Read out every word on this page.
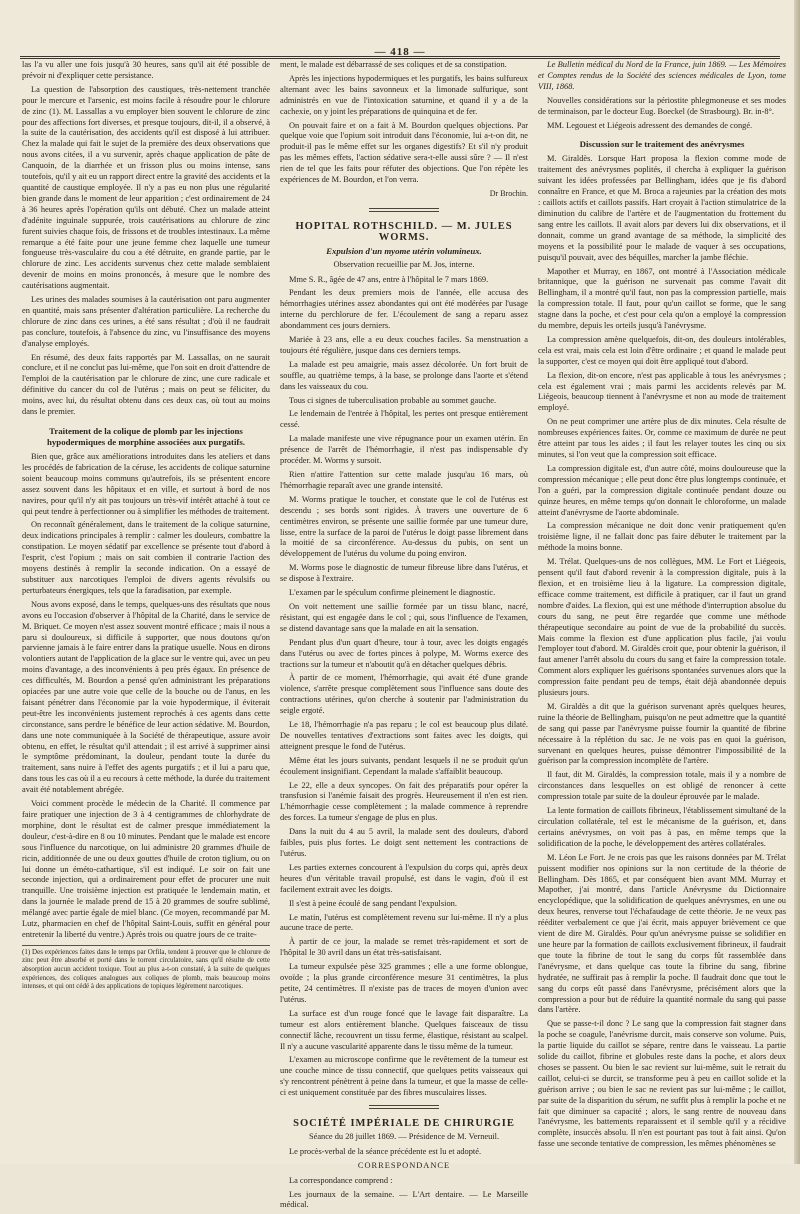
— 418 —

las l'a vu aller une fois jusqu'à 30 heures, sans qu'il ait été possible de prévoir ni d'expliquer cette persistance.

La question de l'absorption des caustiques, très-nettement tranchée pour le mercure et l'arsenic, est moins facile à résoudre pour le chlorure de zinc (1). M. Lassallas a vu employer bien souvent le chlorure de zinc pour des affections fort diverses, et presque toujours, dit-il, il a observé, à la suite de la cautérisation, des accidents qu'il est disposé à lui attribuer. Chez la malade qui fait le sujet de la première des deux observations que nous avons citées, il a vu survenir, après chaque application de pâte de Canquoin, de la diarrhée et un frisson plus ou moins intense, sans toutefois, qu'il y ait eu un rapport direct entre la gravité des accidents et la quantité de caustique employée. Il n'y a pas eu non plus une régularité bien grande dans le moment de leur apparition ; c'est ordinairement de 24 à 36 heures après l'opération qu'ils ont débuté. Chez un malade atteint d'adénite inguinale suppurée, trois cautérisations au chlorure de zinc furent suivies chaque fois, de frissons et de troubles intestinaux. La même remarque a été faite pour une jeune femme chez laquelle une tumeur fongueuse très-vasculaire du cou a été détruite, en grande partie, par le chlorure de zinc. Les accidents survenus chez cette malade semblaient devenir de moins en moins prononcés, à mesure que le nombre des cautérisations augmentait.

Les urines des malades soumises à la cautérisation ont paru augmenter en quantité, mais sans présenter d'altération particulière. La recherche du chlorure de zinc dans ces urines, a été sans résultat ; d'où il ne faudrait pas conclure, toutefois, à l'absence du zinc, vu l'insuffisance des moyens d'analyse employés.

En résumé, des deux faits rapportés par M. Lassallas, on ne saurait conclure, et il ne conclut pas lui-même, que l'on soit en droit d'attendre de l'emploi de la cautérisation par le chlorure de zinc, une cure radicale et définitive du cancer du col de l'utérus ; mais on peut se féliciter, du moins, avec lui, du résultat obtenu dans ces deux cas, où tout au moins dans le premier.

Traitement de la colique de plomb par les injections hypodermiques de morphine associées aux purgatifs.

Bien que, grâce aux améliorations introduites dans les ateliers et dans les procédés de fabrication de la céruse, les accidents de colique saturnine soient beaucoup moins communs qu'autrefois, ils se présentent encore assez souvent dans les hôpitaux et en ville, et surtout à bord de nos navires, pour qu'il n'y ait pas toujours un très-vif intérêt attaché à tout ce qui peut tendre à perfectionner ou à simplifier les méthodes de traitement.

On reconnaît généralement, dans le traitement de la colique saturnine, deux indications principales à remplir : calmer les douleurs, combattre la constipation. Le moyen sédatif par excellence se présente tout d'abord à l'esprit, c'est l'opium ; mais on sait combien il contrarie l'action des moyens destinés à remplir la seconde indication. On a essayé de substituer aux narcotiques l'emploi de divers agents révulsifs ou perturbateurs énergiques, tels que la faradisation, par exemple.

Nous avons exposé, dans le temps, quelques-uns des résultats que nous avons eu l'occasion d'observer à l'hôpital de la Charité, dans le service de M. Briquet. Ce moyen n'est assez souvent montré efficace ; mais il nous a paru si douloureux, si difficile à supporter, que nous doutons qu'on parvienne jamais à le faire entrer dans la pratique usuelle. Nous en dirons volontiers autant de l'application de la glace sur le ventre qui, avec un peu moins d'avantage, a des inconvénients à peu près égaux. En présence de ces difficultés, M. Bourdon a pensé qu'en administrant les préparations opiacées par une autre voie que celle de la bouche ou de l'anus, en les faisant pénétrer dans l'économie par la voie hypodermique, il éviterait peut-être les inconvénients justement reprochés à ces agents dans cette circonstance, sans perdre le bénéfice de leur action sédative. M. Bourdon, dans une note communiquée à la Société de thérapeutique, assure avoir obtenu, en effet, le résultat qu'il attendait ; il est arrivé à supprimer ainsi le symptôme prédominant, la douleur, pendant toute la durée du traitement, sans nuire à l'effet des agents purgatifs ; et il lui a paru que, dans tous les cas où il a eu recours à cette méthode, la durée du traitement avait été notablement abrégée.

Voici comment procède le médecin de la Charité. Il commence par faire pratiquer une injection de 3 à 4 centigrammes de chlorhydrate de morphine, dont le résultat est de calmer presque immédiatement la douleur, c'est-à-dire en 8 ou 10 minutes. Pendant que le malade est encore sous l'influence du narcotique, on lui administre 20 grammes d'huile de ricin, additionnée de une ou deux gouttes d'huile de croton tiglium, ou on lui donne un éméto-cathartique, s'il est indiqué. Le soir on fait une seconde injection, qui a ordinairement pour effet de procurer une nuit tranquille. Une troisième injection est pratiquée le lendemain matin, et dans la journée le malade prend de 15 à 20 grammes de soufre sublimé, mélangé avec partie égale de miel blanc. (Ce moyen, recommandé par M. Lutz, pharmacien en chef de l'hôpital Saint-Louis, suffit en général pour entretenir la liberté du ventre.) Après trois ou quatre jours de ce traite-

(1) Des expériences faites dans le temps par Orfila, tendent à prouver que le chlorure de zinc peut être absorbé et porté dans le torrent circulatoire, sans qu'il résulte de cette absorption aucun accident toxique. Tout au plus a-t-on constaté, à la suite de quelques expériences, des coliques analogues aux coliques de plomb, mais beaucoup moins intenses, et qui ont cédé à des applications de topiques légèrement narcotiques.

ment, le malade est débarrassé de ses coliques et de sa constipation.

Après les injections hypodermiques et les purgatifs, les bains sulfureux alternant avec les bains savonneux et la limonade sulfurique, sont administrés en vue de l'intoxication saturnine, et quand il y a de la cachexie, on y joint les préparations de quinquina et de fer.

On pouvait faire et on a fait à M. Bourdon quelques objections. Par quelque voie que l'opium soit introduit dans l'économie, lui a-t-on dit, ne produit-il pas le même effet sur les organes digestifs? Et s'il n'y produit pas les mêmes effets, l'action sédative sera-t-elle aussi sûre ? — Il n'est rien de tel que les faits pour réfuter des objections. Que l'on répète les expériences de M. Bourdon, et l'on verra.

Dr Brochin.
HOPITAL ROTHSCHILD. — M. JULES WORMS.
Expulsion d'un myome utérin volumineux.
Observation recueillie par M. Jos, interne.

Mme S. R., âgée de 47 ans, entre à l'hôpital le 7 mars 1869.

Pendant les deux premiers mois de l'année, elle accusa des hémorrhagies utérines assez abondantes qui ont été modérées par l'usage interne du perchlorure de fer. L'écoulement de sang a reparu assez abondamment ces jours derniers.

Mariée à 23 ans, elle a eu deux couches faciles. Sa menstruation a toujours été régulière, jusque dans ces derniers temps.

La malade est peu amaigrie, mais assez décolorée. Un fort bruit de souffle, au quatrième temps, à la base, se prolonge dans l'aorte et s'étend dans les vaisseaux du cou.

Tous ci signes de tuberculisation probable au sommet gauche.

Le lendemain de l'entrée à l'hôpital, les pertes ont presque entièrement cessé.

La malade manifeste une vive répugnance pour un examen utérin. En présence de l'arrêt de l'hémorrhagie, il n'est pas indispensable d'y procéder. M. Worms y sursoit.

Rien n'attire l'attention sur cette malade jusqu'au 16 mars, où l'hémorrhagie reparaît avec une grande intensité.

M. Worms pratique le toucher, et constate que le col de l'utérus est descendu ; ses bords sont rigides. À travers une ouverture de 6 centimètres environ, se présente une saillie formée par une tumeur dure, lisse, entre la surface de la paroi de l'utérus le doigt passe librement dans la moitié de sa circonférence. Au-dessus du pubis, on sent un développement de l'utérus du volume du poing environ.

M. Worms pose le diagnostic de tumeur fibreuse libre dans l'utérus, et se dispose à l'extraire.

L'examen par le spéculum confirme pleinement le diagnostic.

On voit nettement une saillie formée par un tissu blanc, nacré, résistant, qui est engagée dans le col ; qui, sous l'influence de l'examen, se distend davantage sans que la malade en ait la sensation.

Pendant plus d'un quart d'heure, tour à tour, avec les doigts engagés dans l'utérus ou avec de fortes pinces à polype, M. Worms exerce des tractions sur la tumeur et n'aboutit qu'à en détacher quelques débris.

À partir de ce moment, l'hémorrhagie, qui avait été d'une grande violence, s'arrête presque complètement sous l'influence sans doute des contractions utérines, qu'on cherche à soutenir par l'administration du seigle ergoté.

Le 18, l'hémorrhagie n'a pas reparu ; le col est beaucoup plus dilaté. De nouvelles tentatives d'extractions sont faites avec les doigts, qui atteignent presque le fond de l'utérus.

Même état les jours suivants, pendant lesquels il ne se produit qu'un écoulement insignifiant. Cependant la malade s'affaiblit beaucoup.

Le 22, elle a deux syncopes. On fait des préparatifs pour opérer la transfusion si l'anémie faisait des progrès. Heureusement il n'en est rien. L'hémorrhagie cesse complètement ; la malade commence à reprendre des forces. La tumeur s'engage de plus en plus.

Dans la nuit du 4 au 5 avril, la malade sent des douleurs, d'abord faibles, puis plus fortes. Le doigt sent nettement les contractions de l'utérus.

Les parties externes concourent à l'expulsion du corps qui, après deux heures d'un véritable travail propulsé, est dans le vagin, d'où il est facilement extrait avec les doigts.

Il s'est à peine écoulé de sang pendant l'expulsion.

Le matin, l'utérus est complètement revenu sur lui-même. Il n'y a plus aucune trace de perte.

À partir de ce jour, la malade se remet très-rapidement et sort de l'hôpital le 30 avril dans un état très-satisfaisant.

La tumeur expulsée pèse 325 grammes ; elle a une forme oblongue, ovoïde ; la plus grande circonférence mesure 31 centimètres, la plus petite, 24 centimètres. Il n'existe pas de traces de moyen d'union avec l'utérus.

La surface est d'un rouge foncé que le lavage fait disparaître. La tumeur est alors entièrement blanche. Quelques faisceaux de tissu connectif lâche, recouvrent un tissu ferme, élastique, résistant au scalpel. Il n'y a aucune vascularité apparente dans le tissu même de la tumeur.

L'examen au microscope confirme que le revêtement de la tumeur est une couche mince de tissu connectif, que quelques petits vaisseaux qui s'y rencontrent pénètrent à peine dans la tumeur, et que la masse de celle-ci est uniquement constituée par des fibres musculaires lisses.

SOCIÉTÉ IMPÉRIALE DE CHIRURGIE
Séance du 28 juillet 1869. — Présidence de M. Verneuil.

Le procès-verbal de la séance précédente est lu et adopté.

CORRESPONDANCE

La correspondance comprend :

Les journaux de la semaine. — L'Art dentaire. — Le Marseille médical.

Le Bulletin médical du Nord de la France, juin 1869. — Les Mémoires et Comptes rendus de la Société des sciences médicales de Lyon, tome VIII, 1868.

Nouvelles considérations sur la périostite phlegmoneuse et ses modes de terminaison, par le docteur Eug. Boeckel (de Strasbourg). Br. in-8°.

MM. Legouest et Liégeois adressent des demandes de congé.

Discussion sur le traitement des anévrysmes

M. Giraldès. Lorsque Hart proposa la flexion comme mode de traitement des anévrysmes poplités, il chercha à expliquer la guérison suivant les idées professées par Bellingham, idées que je fis d'abord connaître en France, et que M. Broca a rajeunies par la création des mots : caillots actifs et caillots passifs. Hart croyait à l'action stimulatrice de la diminution du calibre de l'artère et de l'augmentation du frottement du sang entre les caillots. Il avait alors par devers lui dix observations, et il donnait, comme un grand avantage de sa méthode, la simplicité des moyens et la possibilité pour le malade de vaquer à ses occupations, puisqu'il pouvait, avec des béquilles, marcher la jambe fléchie.

Mapother et Murray, en 1867, ont montré à l'Association médicale britannique, que la guérison ne survenait pas comme l'avait dit Bellingham, il a montré qu'il faut, non pas la compression partielle, mais la compression totale. Il faut, pour qu'un caillot se forme, que le sang stagne dans la poche, et c'est pour cela qu'on a employé la compression du membre, depuis les orteils jusqu'à l'anévrysme.

La compression amène quelquefois, dit-on, des douleurs intolérables, cela est vrai, mais cela est loin d'être ordinaire ; et quand le malade peut la supporter, c'est ce moyen qui doit être appliqué tout d'abord.

La flexion, dit-on encore, n'est pas applicable à tous les anévrysmes ; cela est également vrai ; mais parmi les accidents relevés par M. Liégeois, beaucoup tiennent à l'anévrysme et non au mode de traitement employé.

On ne peut comprimer une artère plus de dix minutes. Cela résulte de nombreuses expériences faites. Or, comme ce maximum de durée ne peut être atteint par tous les aides ; il faut les relayer toutes les cinq ou six minutes, si l'on veut que la compression soit efficace.

La compression digitale est, d'un autre côté, moins douloureuse que la compression mécanique ; elle peut donc être plus longtemps continuée, et l'on a guéri, par la compression digitale continuée pendant douze ou quinze heures, en même temps qu'on donnait le chloroforme, un malade atteint d'anévrysme de l'aorte abdominale.

La compression mécanique ne doit donc venir pratiquement qu'en troisième ligne, il ne fallait donc pas faire débuter le traitement par la méthode la moins bonne.

M. Trélat. Quelques-uns de nos collègues, MM. Le Fort et Liégeois, pensent qu'il faut d'abord revenir à la compression digitale, puis à la flexion, et en troisième lieu à la ligature. La compression digitale, efficace comme traitement, est difficile à pratiquer, car il faut un grand nombre d'aides. La flexion, qui est une méthode d'interruption absolue du cours du sang, ne peut être regardée que comme une méthode thérapeutique secondaire au point de vue de la probabilité du succès. Mais comme la flexion est d'une application plus facile, j'ai voulu l'employer tout d'abord. M. Giraldès croit que, pour obtenir la guérison, il faut amener l'arrêt absolu du cours du sang et faire la compression totale. Comment alors expliquer les guérisons spontanées survenues alors que la compression faite pendant peu de temps, était déjà abandonnée depuis plusieurs jours.

M. Giraldès a dit que la guérison survenant après quelques heures, ruine la théorie de Bellingham, puisqu'on ne peut admettre que la quantité de sang qui passe par l'anévrysme puisse fournir la quantité de fibrine nécessaire à la réplétion du sac. Je ne vois pas en quoi la guérison, survenant en quelques heures, puisse démontrer l'impossibilité de la guérison par la compression incomplète de l'artère.

Il faut, dit M. Giraldès, la compression totale, mais il y a nombre de circonstances dans lesquelles on est obligé de renoncer à cette compression totale par suite de la douleur éprouvée par le malade.

La lente formation de caillots fibrineux, l'établissement simultané de la circulation collatérale, tel est le mécanisme de la guérison, et, dans certains anévrysmes, on voit pas à pas, en même temps que la solidification de la poche, le développement des artères collatérales.

M. Léon Le Fort. Je ne crois pas que les raisons données par M. Trélat puissent modifier nos opinions sur la non certitude de la théorie de Bellingham. Dès 1865, et par conséquent bien avant MM. Murray et Mapother, j'ai montré, dans l'article Anévrysme du Dictionnaire encyclopédique, que la solidification de quelques anévrysmes, en une ou deux heures, renverse tout l'échafaudage de cette théorie. Je ne veux pas rééditer verbalement ce que j'ai écrit, mais appuyer brièvement ce que vient de dire M. Giraldès. Pour qu'un anévrysme puisse se solidifier en une heure par la formation de caillots exclusivement fibrineux, il faudrait que toute la fibrine de tout le sang du corps fût rassemblée dans l'anévrysme, et dans quelque cas toute la fibrine du sang, fibrine hydratée, ne suffirait pas à remplir la poche. Il faudrait donc que tout le sang du corps eût passé dans l'anévrysme, précisément alors que la compression a pour but de réduire la quantité normale du sang qui passe dans l'artère.

Que se passe-t-il donc ? Le sang que la compression fait stagner dans la poche se coagule, l'anévrisme durcit, mais conserve son volume. Puis, la partie liquide du caillot se sépare, rentre dans le vaisseau. La partie solide du caillot, fibrine et globules reste dans la poche, et alors deux choses se passent. Ou bien le sac revient sur lui-même, suit le retrait du caillot, celui-ci se durcit, se transforme peu à peu en caillot solide et la guérison arrive ; ou bien le sac ne revient pas sur lui-même ; le caillot, par suite de la disparition du sérum, ne suffit plus à remplir la poche et ne fait que diminuer sa capacité ; alors, le sang rentre de nouveau dans l'anévrysme, les battements reparaissent et il semble qu'il y a récidive complète, insuccès absolu. Il n'en est pourtant pas tout à fait ainsi. Qu'on fasse une seconde tentative de compression, les mêmes phénomènes se
